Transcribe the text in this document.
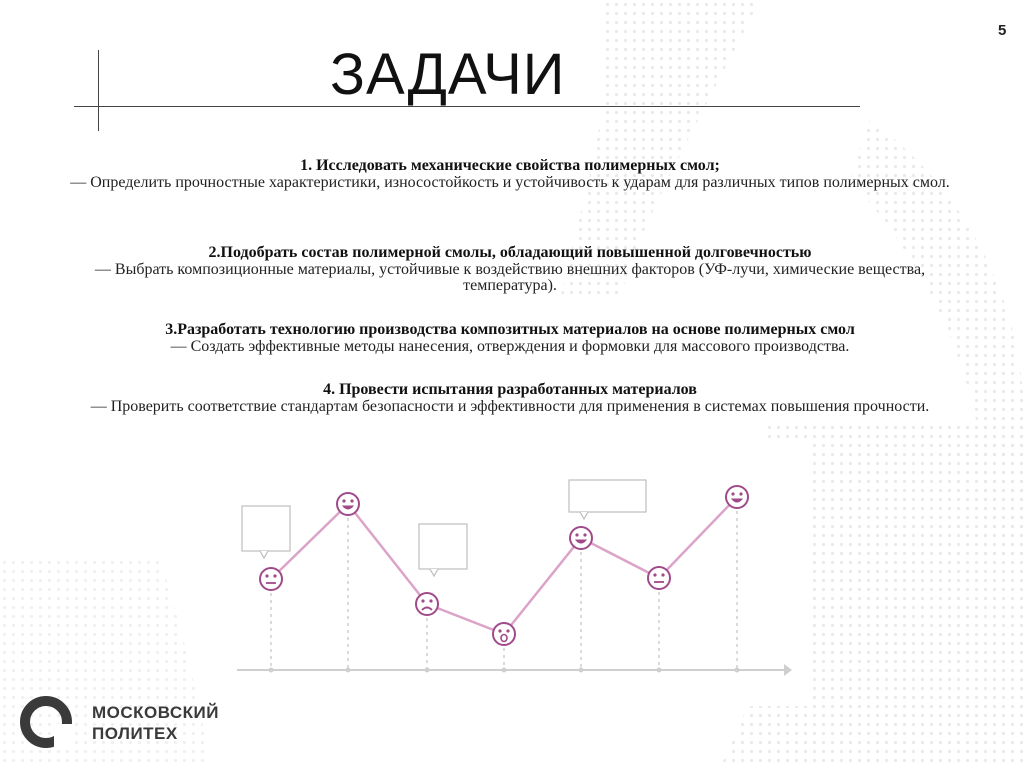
5
ЗАДАЧИ
1. Исследовать механические свойства полимерных смол;
— Определить прочностные характеристики, износостойкость и устойчивость к ударам для различных типов полимерных смол.
2.Подобрать состав полимерной смолы, обладающий повышенной долговечностью
— Выбрать композиционные материалы, устойчивые к воздействию внешних факторов (УФ-лучи, химические вещества, температура).
3.Разработать технологию производства композитных материалов на основе полимерных смол
— Создать эффективные методы нанесения, отверждения и формовки для массового производства.
4. Провести испытания разработанных материалов
— Проверить соответствие стандартам безопасности и эффективности для применения в системах повышения прочности.
МОСКОВСКИЙ
ПОЛИТЕХ
